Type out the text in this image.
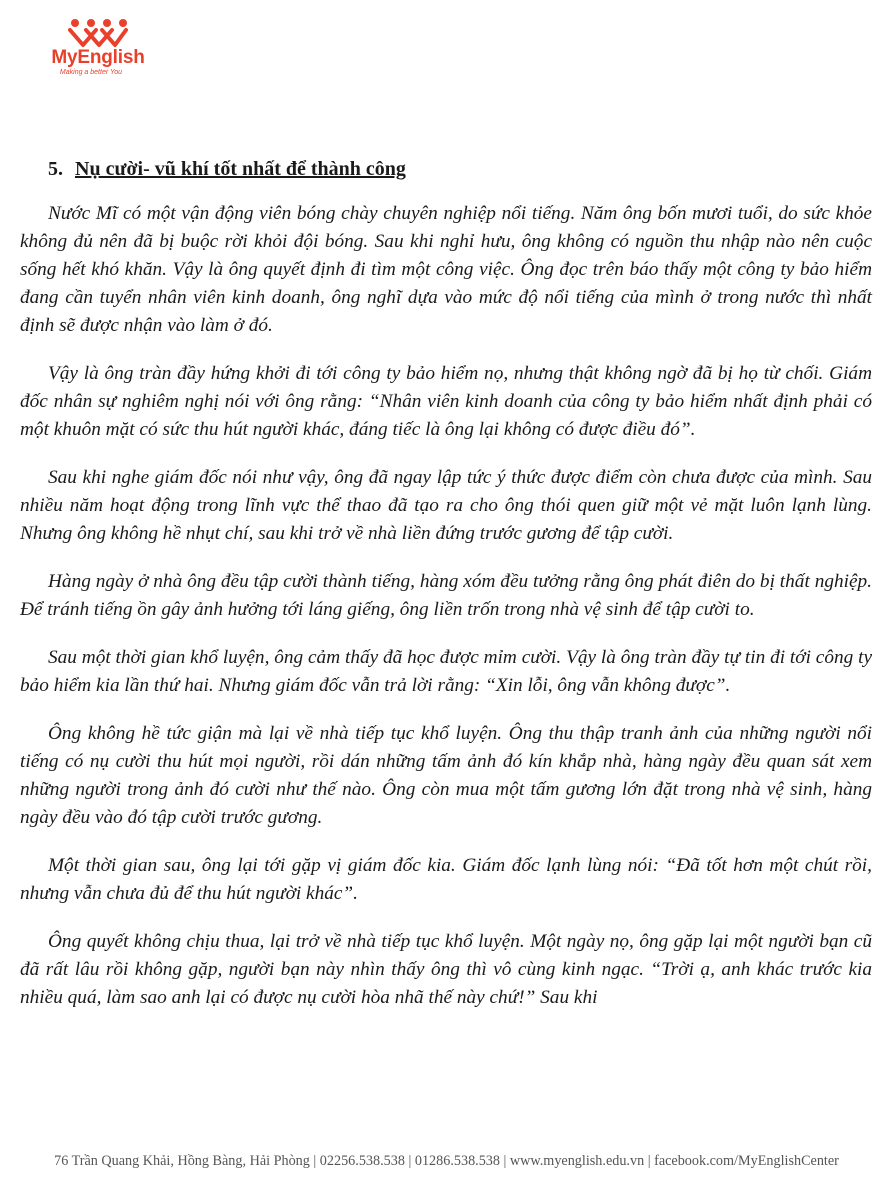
MyEnglish
Making a better You
5. Nụ cười- vũ khí tốt nhất để thành công

Nước Mĩ có một vận động viên bóng chày chuyên nghiệp nổi tiếng. Năm ông bốn mươi tuổi, do sức khỏe không đủ nên đã bị buộc rời khỏi đội bóng. Sau khi nghỉ hưu, ông không có nguồn thu nhập nào nên cuộc sống hết khó khăn. Vậy là ông quyết định đi tìm một công việc. Ông đọc trên báo thấy một công ty bảo hiểm đang cần tuyển nhân viên kinh doanh, ông nghĩ dựa vào mức độ nổi tiếng của mình ở trong nước thì nhất định sẽ được nhận vào làm ở đó.

Vậy là ông tràn đầy hứng khởi đi tới công ty bảo hiểm nọ, nhưng thật không ngờ đã bị họ từ chối. Giám đốc nhân sự nghiêm nghị nói với ông rằng: “Nhân viên kinh doanh của công ty bảo hiểm nhất định phải có một khuôn mặt có sức thu hút người khác, đáng tiếc là ông lại không có được điều đó”.

Sau khi nghe giám đốc nói như vậy, ông đã ngay lập tức ý thức được điểm còn chưa được của mình. Sau nhiều năm hoạt động trong lĩnh vực thể thao đã tạo ra cho ông thói quen giữ một vẻ mặt luôn lạnh lùng. Nhưng ông không hề nhụt chí, sau khi trở về nhà liền đứng trước gương để tập cười.

Hàng ngày ở nhà ông đều tập cười thành tiếng, hàng xóm đều tưởng rằng ông phát điên do bị thất nghiệp. Để tránh tiếng ồn gây ảnh hưởng tới láng giếng, ông liền trốn trong nhà vệ sinh để tập cười to.

Sau một thời gian khổ luyện, ông cảm thấy đã học được mỉm cười. Vậy là ông tràn đầy tự tin đi tới công ty bảo hiểm kia lần thứ hai. Nhưng giám đốc vẫn trả lời rằng: “Xin lỗi, ông vẫn không được”.

Ông không hề tức giận mà lại về nhà tiếp tục khổ luyện. Ông thu thập tranh ảnh của những người nổi tiếng có nụ cười thu hút mọi người, rồi dán những tấm ảnh đó kín khắp nhà, hàng ngày đều quan sát xem những người trong ảnh đó cười như thế nào. Ông còn mua một tấm gương lớn đặt trong nhà vệ sinh, hàng ngày đều vào đó tập cười trước gương.

Một thời gian sau, ông lại tới gặp vị giám đốc kia. Giám đốc lạnh lùng nói: “Đã tốt hơn một chút rồi, nhưng vẫn chưa đủ để thu hút người khác”.

Ông quyết không chịu thua, lại trở về nhà tiếp tục khổ luyện. Một ngày nọ, ông gặp lại một người bạn cũ đã rất lâu rồi không gặp, người bạn này nhìn thấy ông thì vô cùng kinh ngạc. “Trời ạ, anh khác trước kia nhiều quá, làm sao anh lại có được nụ cười hòa nhã thế này chứ!” Sau khi

76 Trần Quang Khải, Hồng Bàng, Hải Phòng | 02256.538.538 | 01286.538.538 | www.myenglish.edu.vn | facebook.com/MyEnglishCenter
